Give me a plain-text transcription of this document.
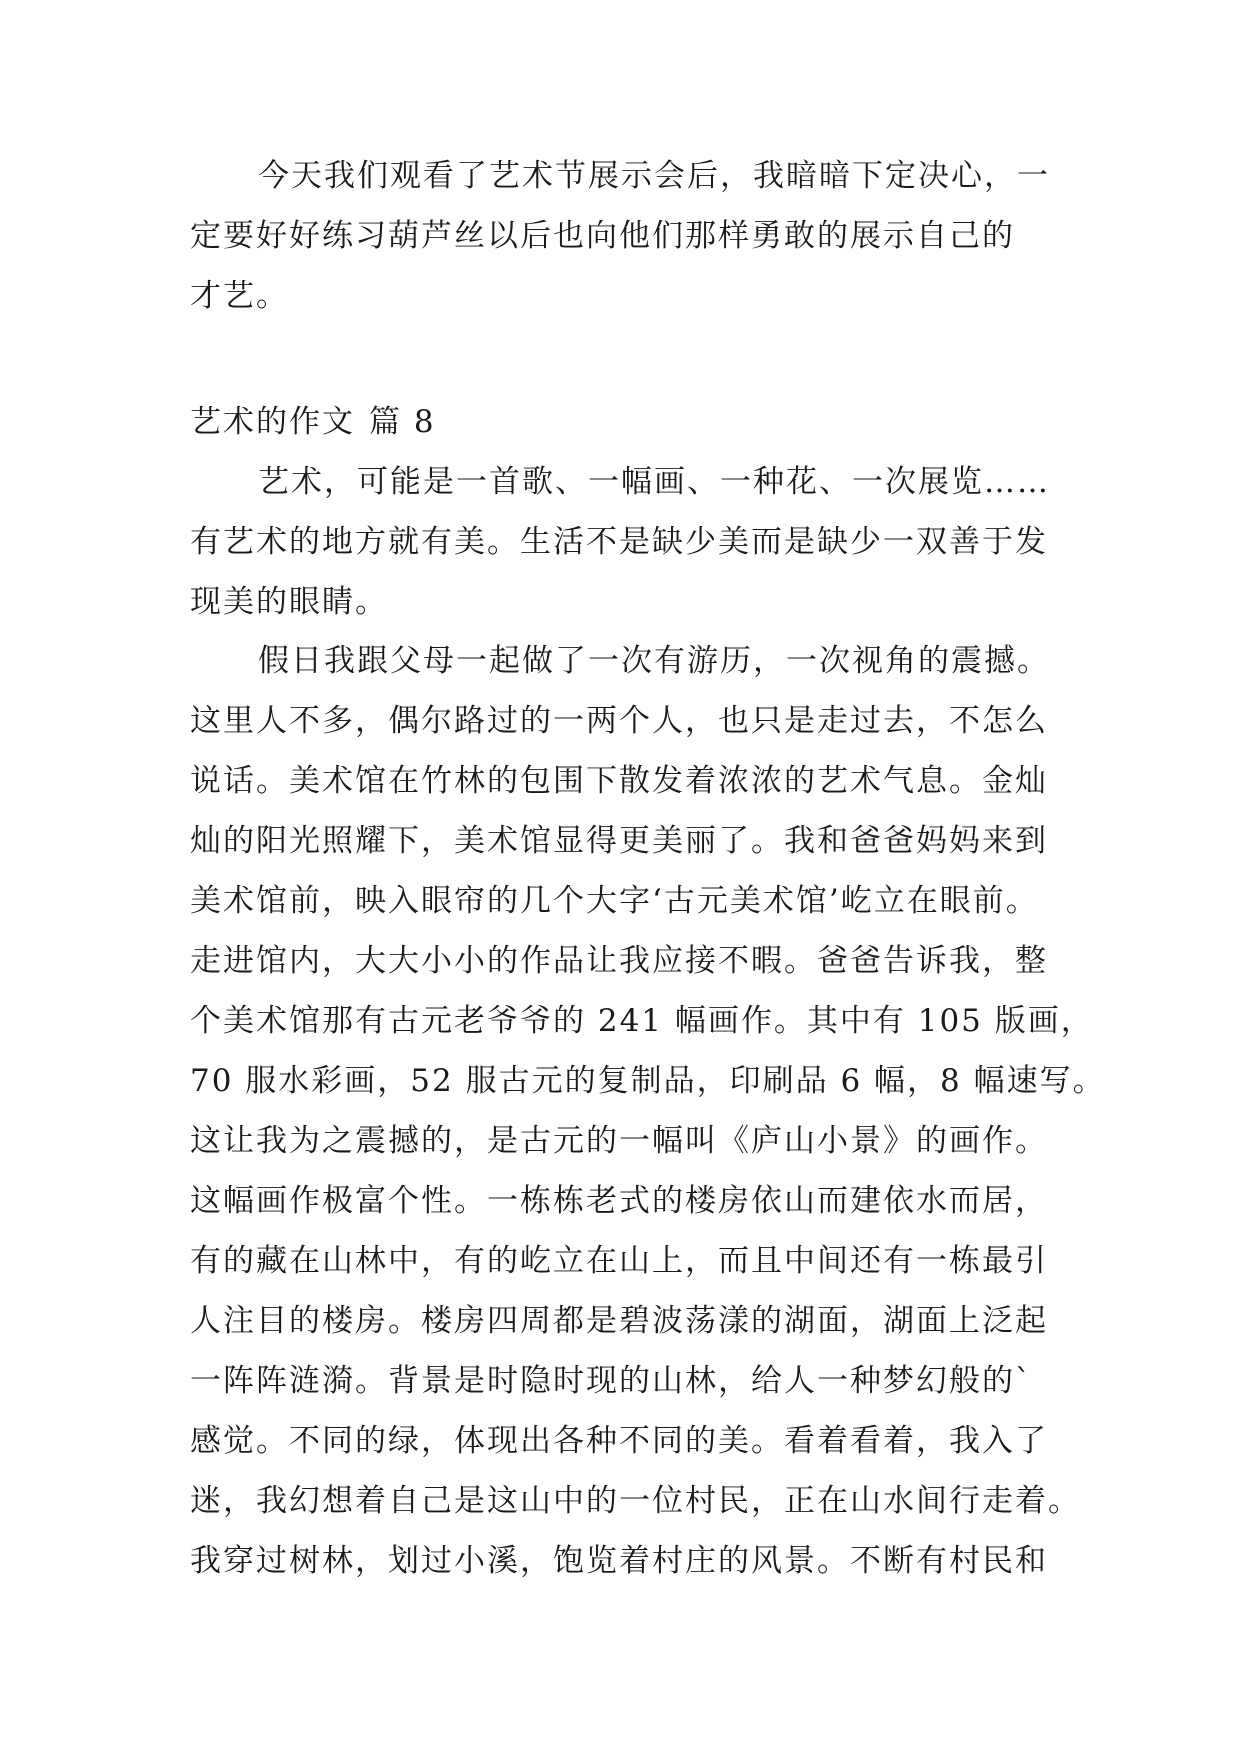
今天我们观看了艺术节展示会后，我暗暗下定决心，一
定要好好练习葫芦丝以后也向他们那样勇敢的展示自己的
才艺。
艺术的作文 篇 8
艺术，可能是一首歌、一幅画、一种花、一次展览……
有艺术的地方就有美。生活不是缺少美而是缺少一双善于发
现美的眼睛。
假日我跟父母一起做了一次有游历，一次视角的震撼。
这里人不多，偶尔路过的一两个人，也只是走过去，不怎么
说话。美术馆在竹林的包围下散发着浓浓的艺术气息。金灿
灿的阳光照耀下，美术馆显得更美丽了。我和爸爸妈妈来到
美术馆前，映入眼帘的几个大字‘古元美术馆’屹立在眼前。
走进馆内，大大小小的作品让我应接不暇。爸爸告诉我，整
个美术馆那有古元老爷爷的 241 幅画作。其中有 105 版画，
70 服水彩画，52 服古元的复制品，印刷品 6 幅，8 幅速写。
这让我为之震撼的，是古元的一幅叫《庐山小景》的画作。
这幅画作极富个性。一栋栋老式的楼房依山而建依水而居，
有的藏在山林中，有的屹立在山上，而且中间还有一栋最引
人注目的楼房。楼房四周都是碧波荡漾的湖面，湖面上泛起
一阵阵涟漪。背景是时隐时现的山林，给人一种梦幻般的`
感觉。不同的绿，体现出各种不同的美。看着看着，我入了
迷，我幻想着自己是这山中的一位村民，正在山水间行走着。
我穿过树林，划过小溪，饱览着村庄的风景。不断有村民和
